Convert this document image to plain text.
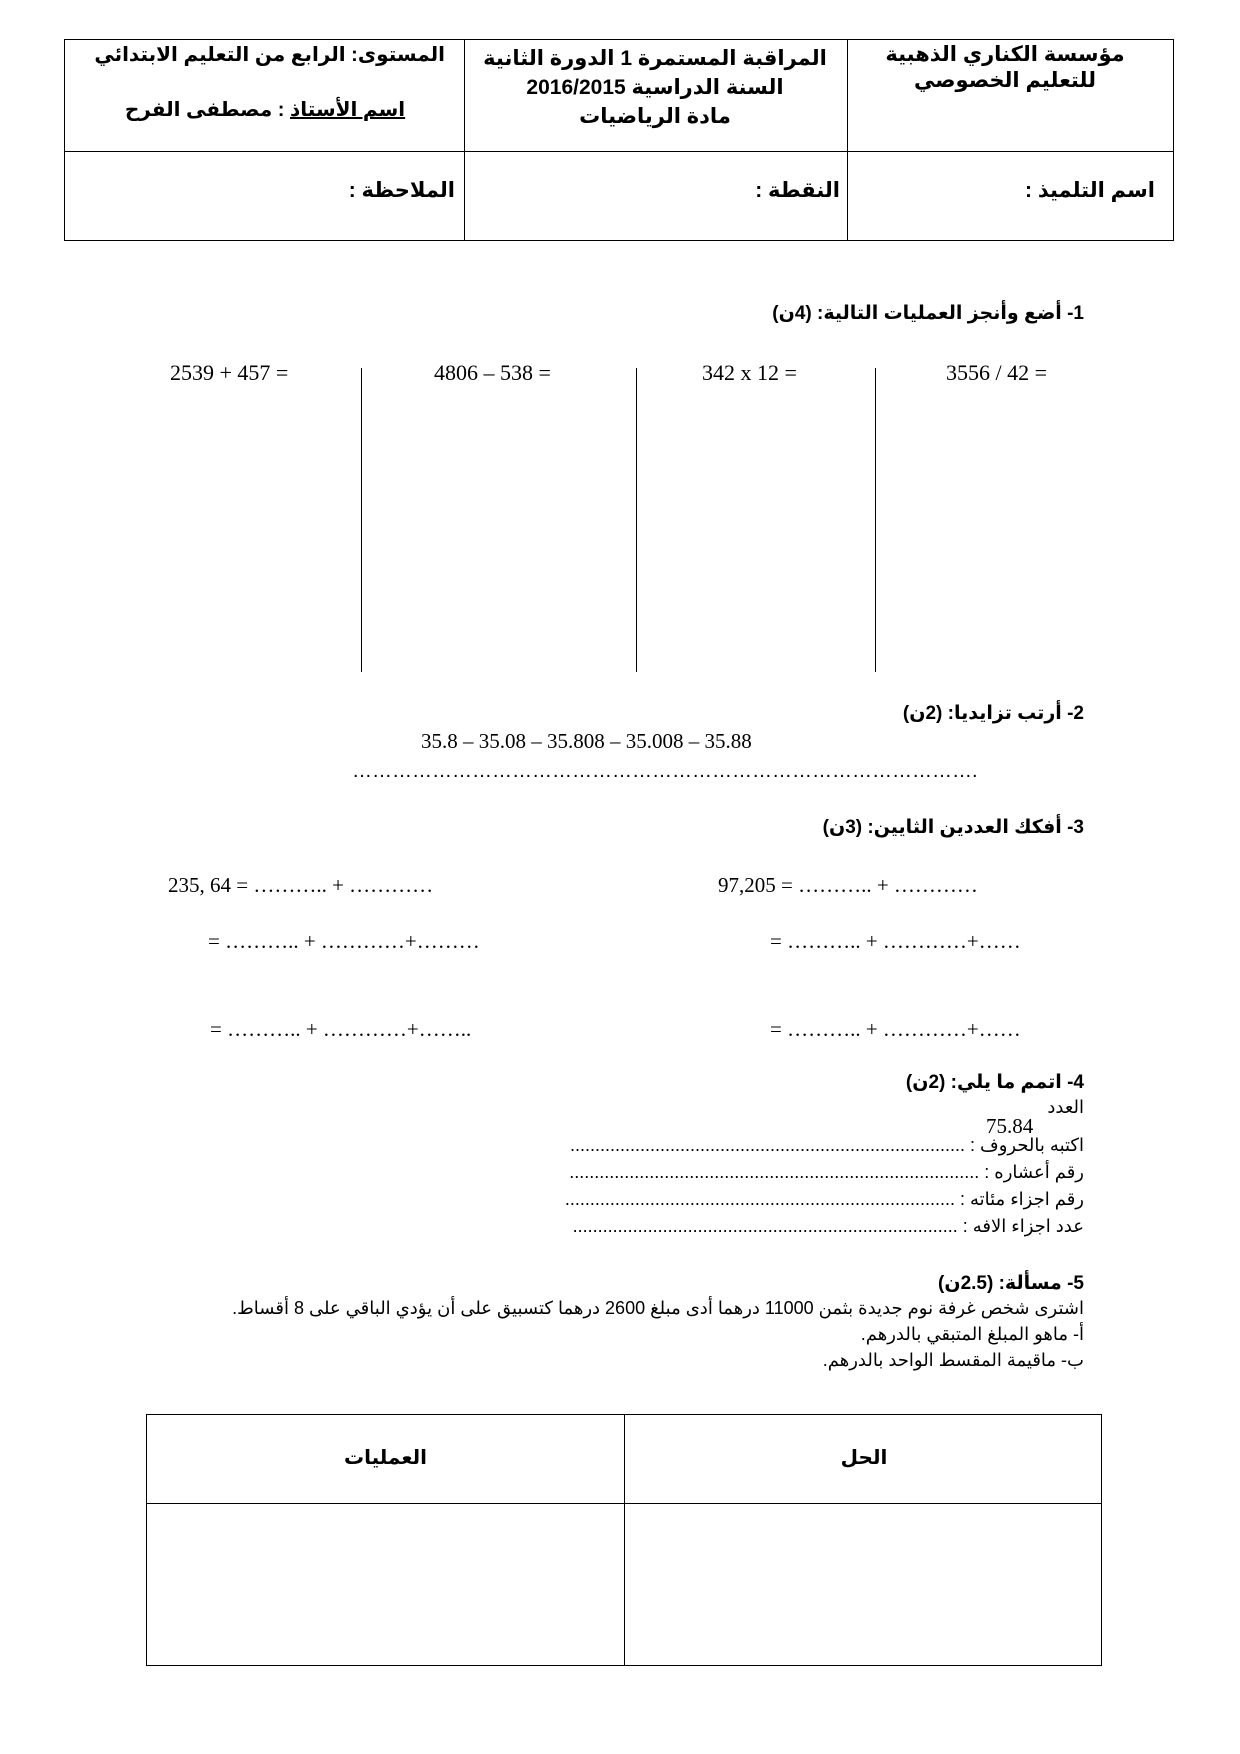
مؤسسة الكناري الذهبية
للتعليم الخصوصي
المراقبة المستمرة 1 الدورة الثانية
السنة الدراسية 2016/2015
مادة الرياضيات
المستوى: الرابع من التعليم الابتدائي
اسم الأستاذ : مصطفى الفرح
اسم التلميذ :
النقطة :
الملاحظة :
1- أضع وأنجز العمليات التالية: (4ن)
3556 / 42 =
342 x 12 =
4806 – 538 =
2539 + 457 =
2- أرتب تزايديا: (2ن)
35.8 – 35.08 – 35.808 – 35.008 – 35.88
………………………………………………………………………………….
3- أفكك العددين الثايين: (3ن)
97,205 = ……….. + …………
= ……….. + …………+……
= ……….. + …………+……
235, 64 = ……….. + …………
= ……….. + …………+………
= ……….. + …………+……..
4- اتمم ما يلي: (2ن)
العدد
75.84
اكتبه بالحروف : ...............................................................................
رقم أعشاره : ..................................................................................
رقم اجزاء مئاته : ..............................................................................
عدد اجزاء الافه : .............................................................................
5- مسألة: (2.5ن)
اشترى شخص غرفة نوم جديدة بثمن 11000 درهما أدى مبلغ 2600 درهما كتسبيق على أن يؤدي الباقي على 8 أقساط.
أ- ماهو المبلغ المتبقي بالدرهم.
ب- ماقيمة المقسط الواحد بالدرهم.
الحل
العمليات
